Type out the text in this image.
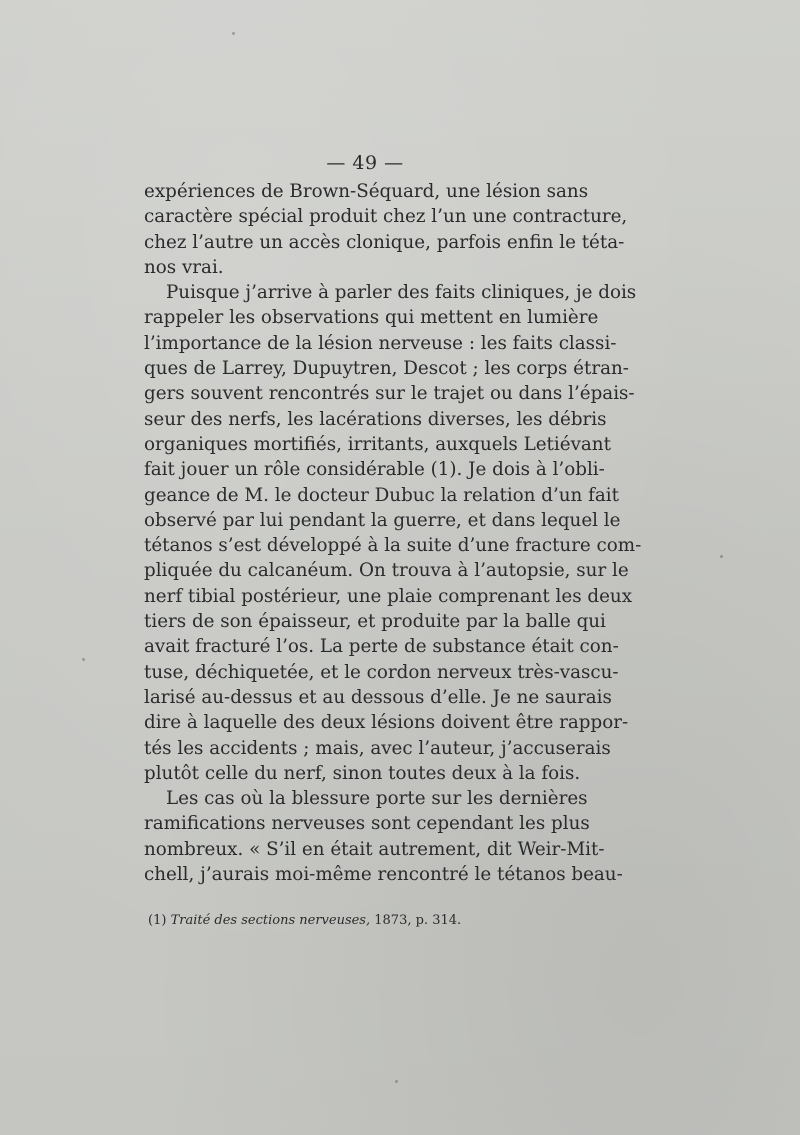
— 49 —
expériences de Brown-Séquard, une lésion sans
caractère spécial produit chez l’un une contracture,
chez l’autre un accès clonique, parfois enfin le téta-
nos vrai.
Puisque j’arrive à parler des faits cliniques, je dois
rappeler les observations qui mettent en lumière
l’importance de la lésion nerveuse : les faits classi-
ques de Larrey, Dupuytren, Descot ; les corps étran-
gers souvent rencontrés sur le trajet ou dans l’épais-
seur des nerfs, les lacérations diverses, les débris
organiques mortifiés, irritants, auxquels Letiévant
fait jouer un rôle considérable (1). Je dois à l’obli-
geance de M. le docteur Dubuc la relation d’un fait
observé par lui pendant la guerre, et dans lequel le
tétanos s’est développé à la suite d’une fracture com-
pliquée du calcanéum. On trouva à l’autopsie, sur le
nerf tibial postérieur, une plaie comprenant les deux
tiers de son épaisseur, et produite par la balle qui
avait fracturé l’os. La perte de substance était con-
tuse, déchiquetée, et le cordon nerveux très-vascu-
larisé au-dessus et au dessous d’elle. Je ne saurais
dire à laquelle des deux lésions doivent être rappor-
tés les accidents ; mais, avec l’auteur, j’accuserais
plutôt celle du nerf, sinon toutes deux à la fois.
Les cas où la blessure porte sur les dernières
ramifications nerveuses sont cependant les plus
nombreux. « S’il en était autrement, dit Weir-Mit-
chell, j’aurais moi-même rencontré le tétanos beau-
(1) Traité des sections nerveuses, 1873, p. 314.
